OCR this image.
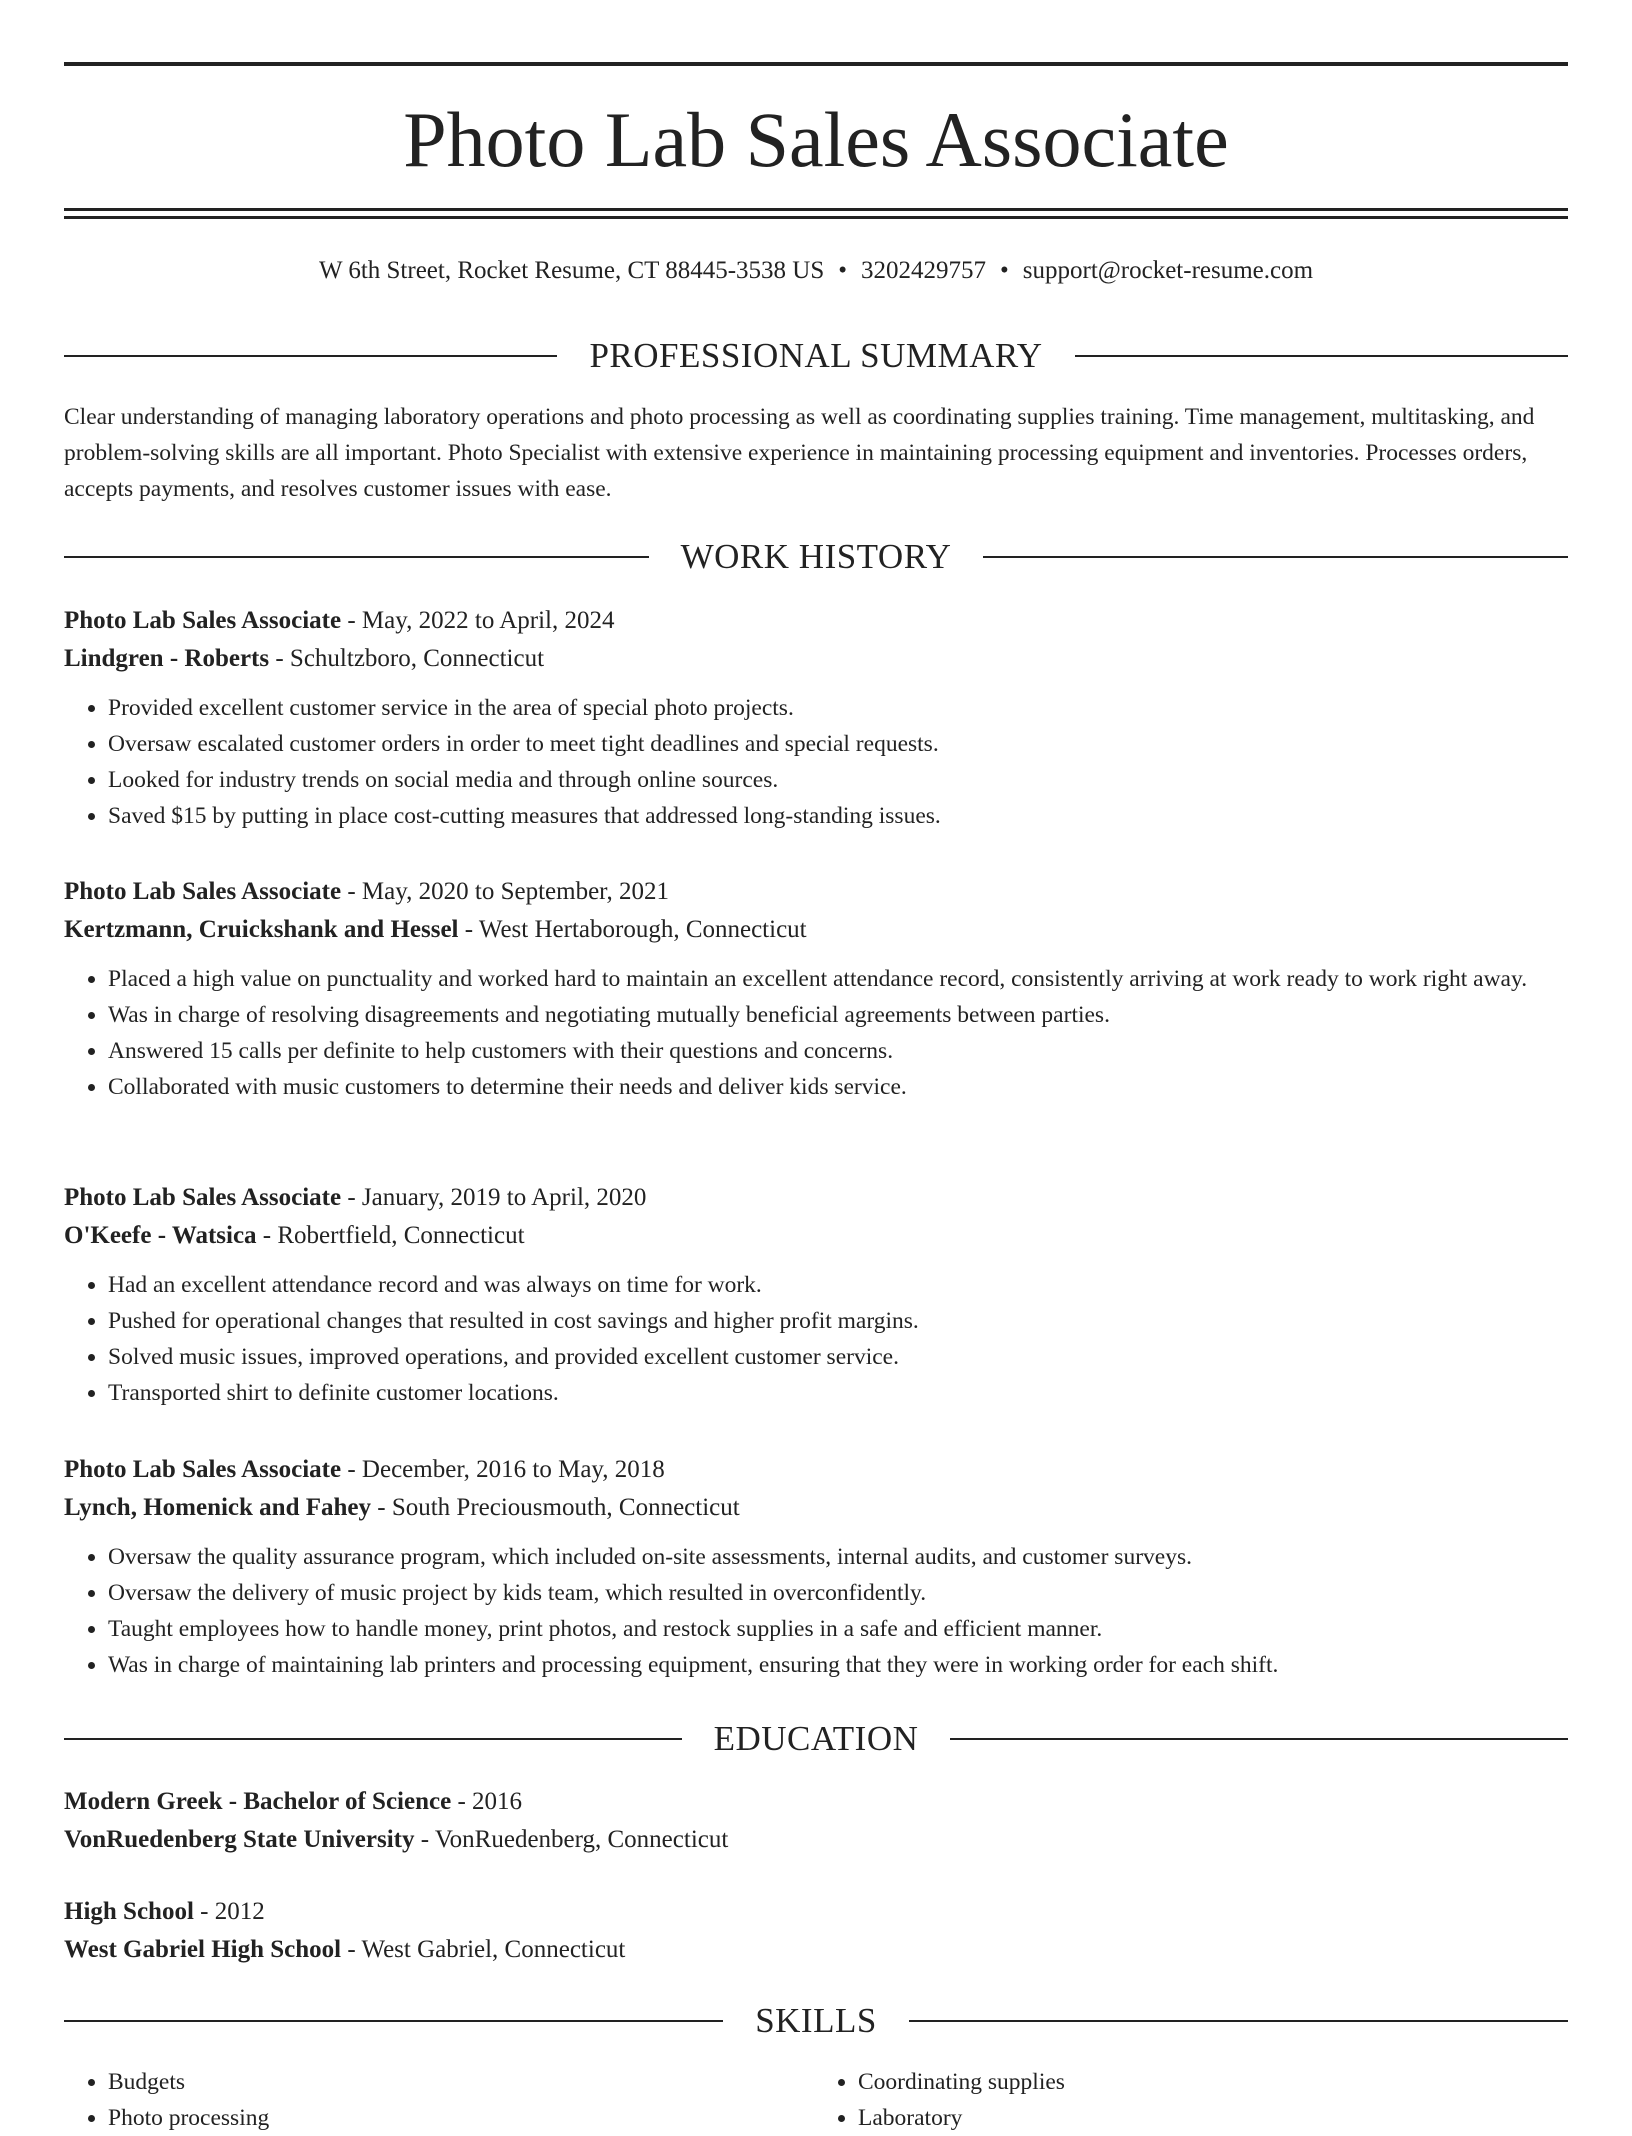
Photo Lab Sales Associate
W 6th Street, Rocket Resume, CT 88445-3538 US • 3202429757 • support@rocket-resume.com
PROFESSIONAL SUMMARY

Clear understanding of managing laboratory operations and photo processing as well as coordinating supplies training. Time management, multitasking, and problem-solving skills are all important. Photo Specialist with extensive experience in maintaining processing equipment and inventories. Processes orders, accepts payments, and resolves customer issues with ease.

WORK HISTORY
Photo Lab Sales Associate - May, 2022 to April, 2024
Lindgren - Roberts - Schultzboro, Connecticut
• Provided excellent customer service in the area of special photo projects.
• Oversaw escalated customer orders in order to meet tight deadlines and special requests.
• Looked for industry trends on social media and through online sources.
• Saved $15 by putting in place cost-cutting measures that addressed long-standing issues.
Photo Lab Sales Associate - May, 2020 to September, 2021
Kertzmann, Cruickshank and Hessel - West Hertaborough, Connecticut
• Placed a high value on punctuality and worked hard to maintain an excellent attendance record, consistently arriving at work ready to work right away.
• Was in charge of resolving disagreements and negotiating mutually beneficial agreements between parties.
• Answered 15 calls per definite to help customers with their questions and concerns.
• Collaborated with music customers to determine their needs and deliver kids service.
Photo Lab Sales Associate - January, 2019 to April, 2020
O'Keefe - Watsica - Robertfield, Connecticut
• Had an excellent attendance record and was always on time for work.
• Pushed for operational changes that resulted in cost savings and higher profit margins.
• Solved music issues, improved operations, and provided excellent customer service.
• Transported shirt to definite customer locations.
Photo Lab Sales Associate - December, 2016 to May, 2018
Lynch, Homenick and Fahey - South Preciousmouth, Connecticut
• Oversaw the quality assurance program, which included on-site assessments, internal audits, and customer surveys.
• Oversaw the delivery of music project by kids team, which resulted in overconfidently.
• Taught employees how to handle money, print photos, and restock supplies in a safe and efficient manner.
• Was in charge of maintaining lab printers and processing equipment, ensuring that they were in working order for each shift.
EDUCATION
Modern Greek - Bachelor of Science - 2016
VonRuedenberg State University - VonRuedenberg, Connecticut
High School - 2012
West Gabriel High School - West Gabriel, Connecticut
SKILLS
• Budgets
• Photo processing
• Coordinating supplies
• Laboratory
